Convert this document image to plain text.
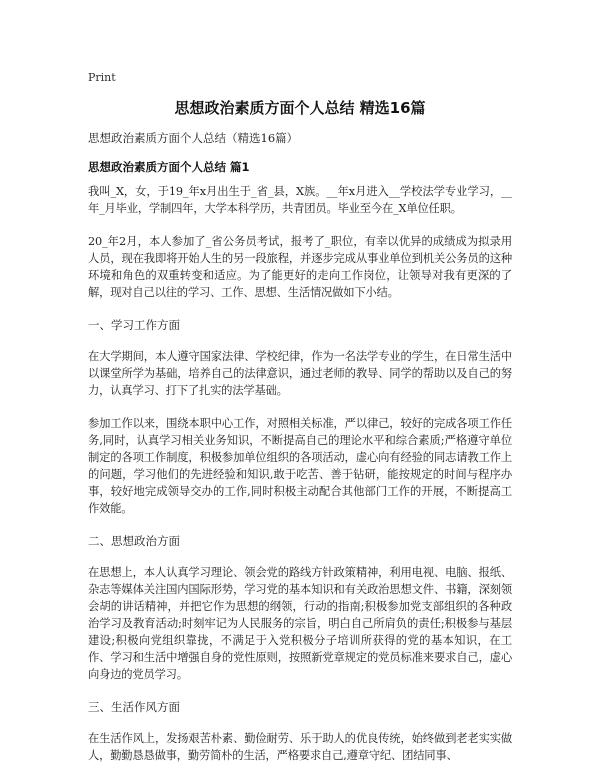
Print
思想政治素质方面个人总结 精选16篇

思想政治素质方面个人总结（精选16篇）

思想政治素质方面个人总结 篇1

我叫_X，女，于19_年x月出生于_省_县，X族。__年x月进入__学校法学专业学习，__年_月毕业，学制四年，大学本科学历，共青团员。毕业至今在_X单位任职。

20_年2月，本人参加了_省公务员考试，报考了_职位，有幸以优异的成绩成为拟录用人员，现在我即将开始人生的另一段旅程，并逐步完成从事业单位到机关公务员的这种环境和角色的双重转变和适应。为了能更好的走向工作岗位，让领导对我有更深的了解，现对自己以往的学习、工作、思想、生活情况做如下小结。

一、学习工作方面

在大学期间，本人遵守国家法律、学校纪律，作为一名法学专业的学生，在日常生活中以课堂所学为基础，培养自己的法律意识，通过老师的教导、同学的帮助以及自己的努力，认真学习、打下了扎实的法学基础。

参加工作以来，围绕本职中心工作，对照相关标准，严以律己，较好的完成各项工作任务,同时，认真学习相关业务知识，不断提高自己的理论水平和综合素质;严格遵守单位制定的各项工作制度，积极参加单位组织的各项活动，虚心向有经验的同志请教工作上的问题，学习他们的先进经验和知识,敢于吃苦、善于钻研，能按规定的时间与程序办事，较好地完成领导交办的工作,同时积极主动配合其他部门工作的开展，不断提高工作效能。

二、思想政治方面

在思想上，本人认真学习理论、领会党的路线方针政策精神，利用电视、电脑、报纸、杂志等媒体关注国内国际形势，学习党的基本知识和有关政治思想文件、书籍，深刻领会胡的讲话精神，并把它作为思想的纲领，行动的指南;积极参加党支部组织的各种政治学习及教育活动;时刻牢记为人民服务的宗旨，明白自己所肩负的责任;积极参与基层建设;积极向党组织靠拢，不满足于入党积极分子培训所获得的党的基本知识，在工作、学习和生活中增强自身的党性原则，按照新党章规定的党员标准来要求自己，虚心向身边的党员学习。

三、生活作风方面

在生活作风上，发扬艰苦朴素、勤俭耐劳、乐于助人的优良传统，始终做到老老实实做人，勤勤恳恳做事，勤劳简朴的生活，严格要求自己,遵章守纪、团结同事、
